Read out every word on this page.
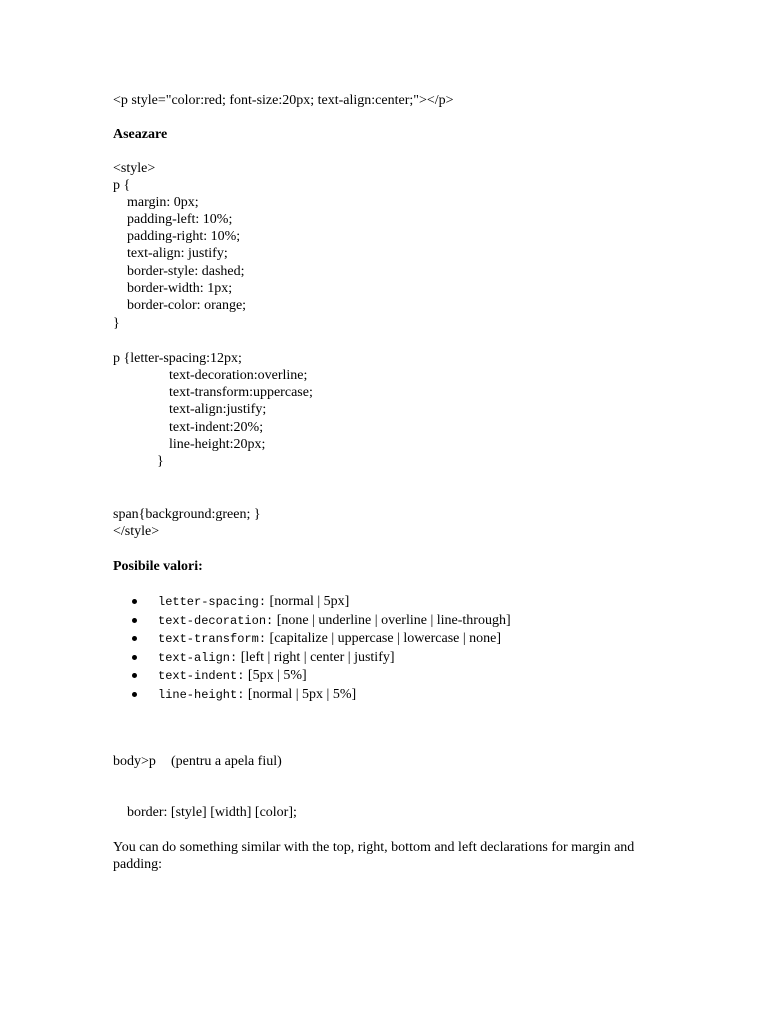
<p style="color:red; font-size:20px; text-align:center;"></p>
Aseazare
<style>
p {
margin: 0px;
padding-left: 10%;
padding-right: 10%;
text-align: justify;
border-style: dashed;
border-width: 1px;
border-color: orange;
}
p {letter-spacing:12px;
text-decoration:overline;
text-transform:uppercase;
text-align:justify;
text-indent:20%;
line-height:20px;
}
span{background:green; }
</style>
Posibile valori:
letter-spacing: [normal | 5px]
text-decoration: [none | underline | overline | line-through]
text-transform: [capitalize | uppercase | lowercase | none]
text-align: [left | right | center | justify]
text-indent: [5px | 5%]
line-height: [normal | 5px | 5%]
body>p (pentru a apela fiul)
border: [style] [width] [color];
You can do something similar with the top, right, bottom and left declarations for margin and padding:
